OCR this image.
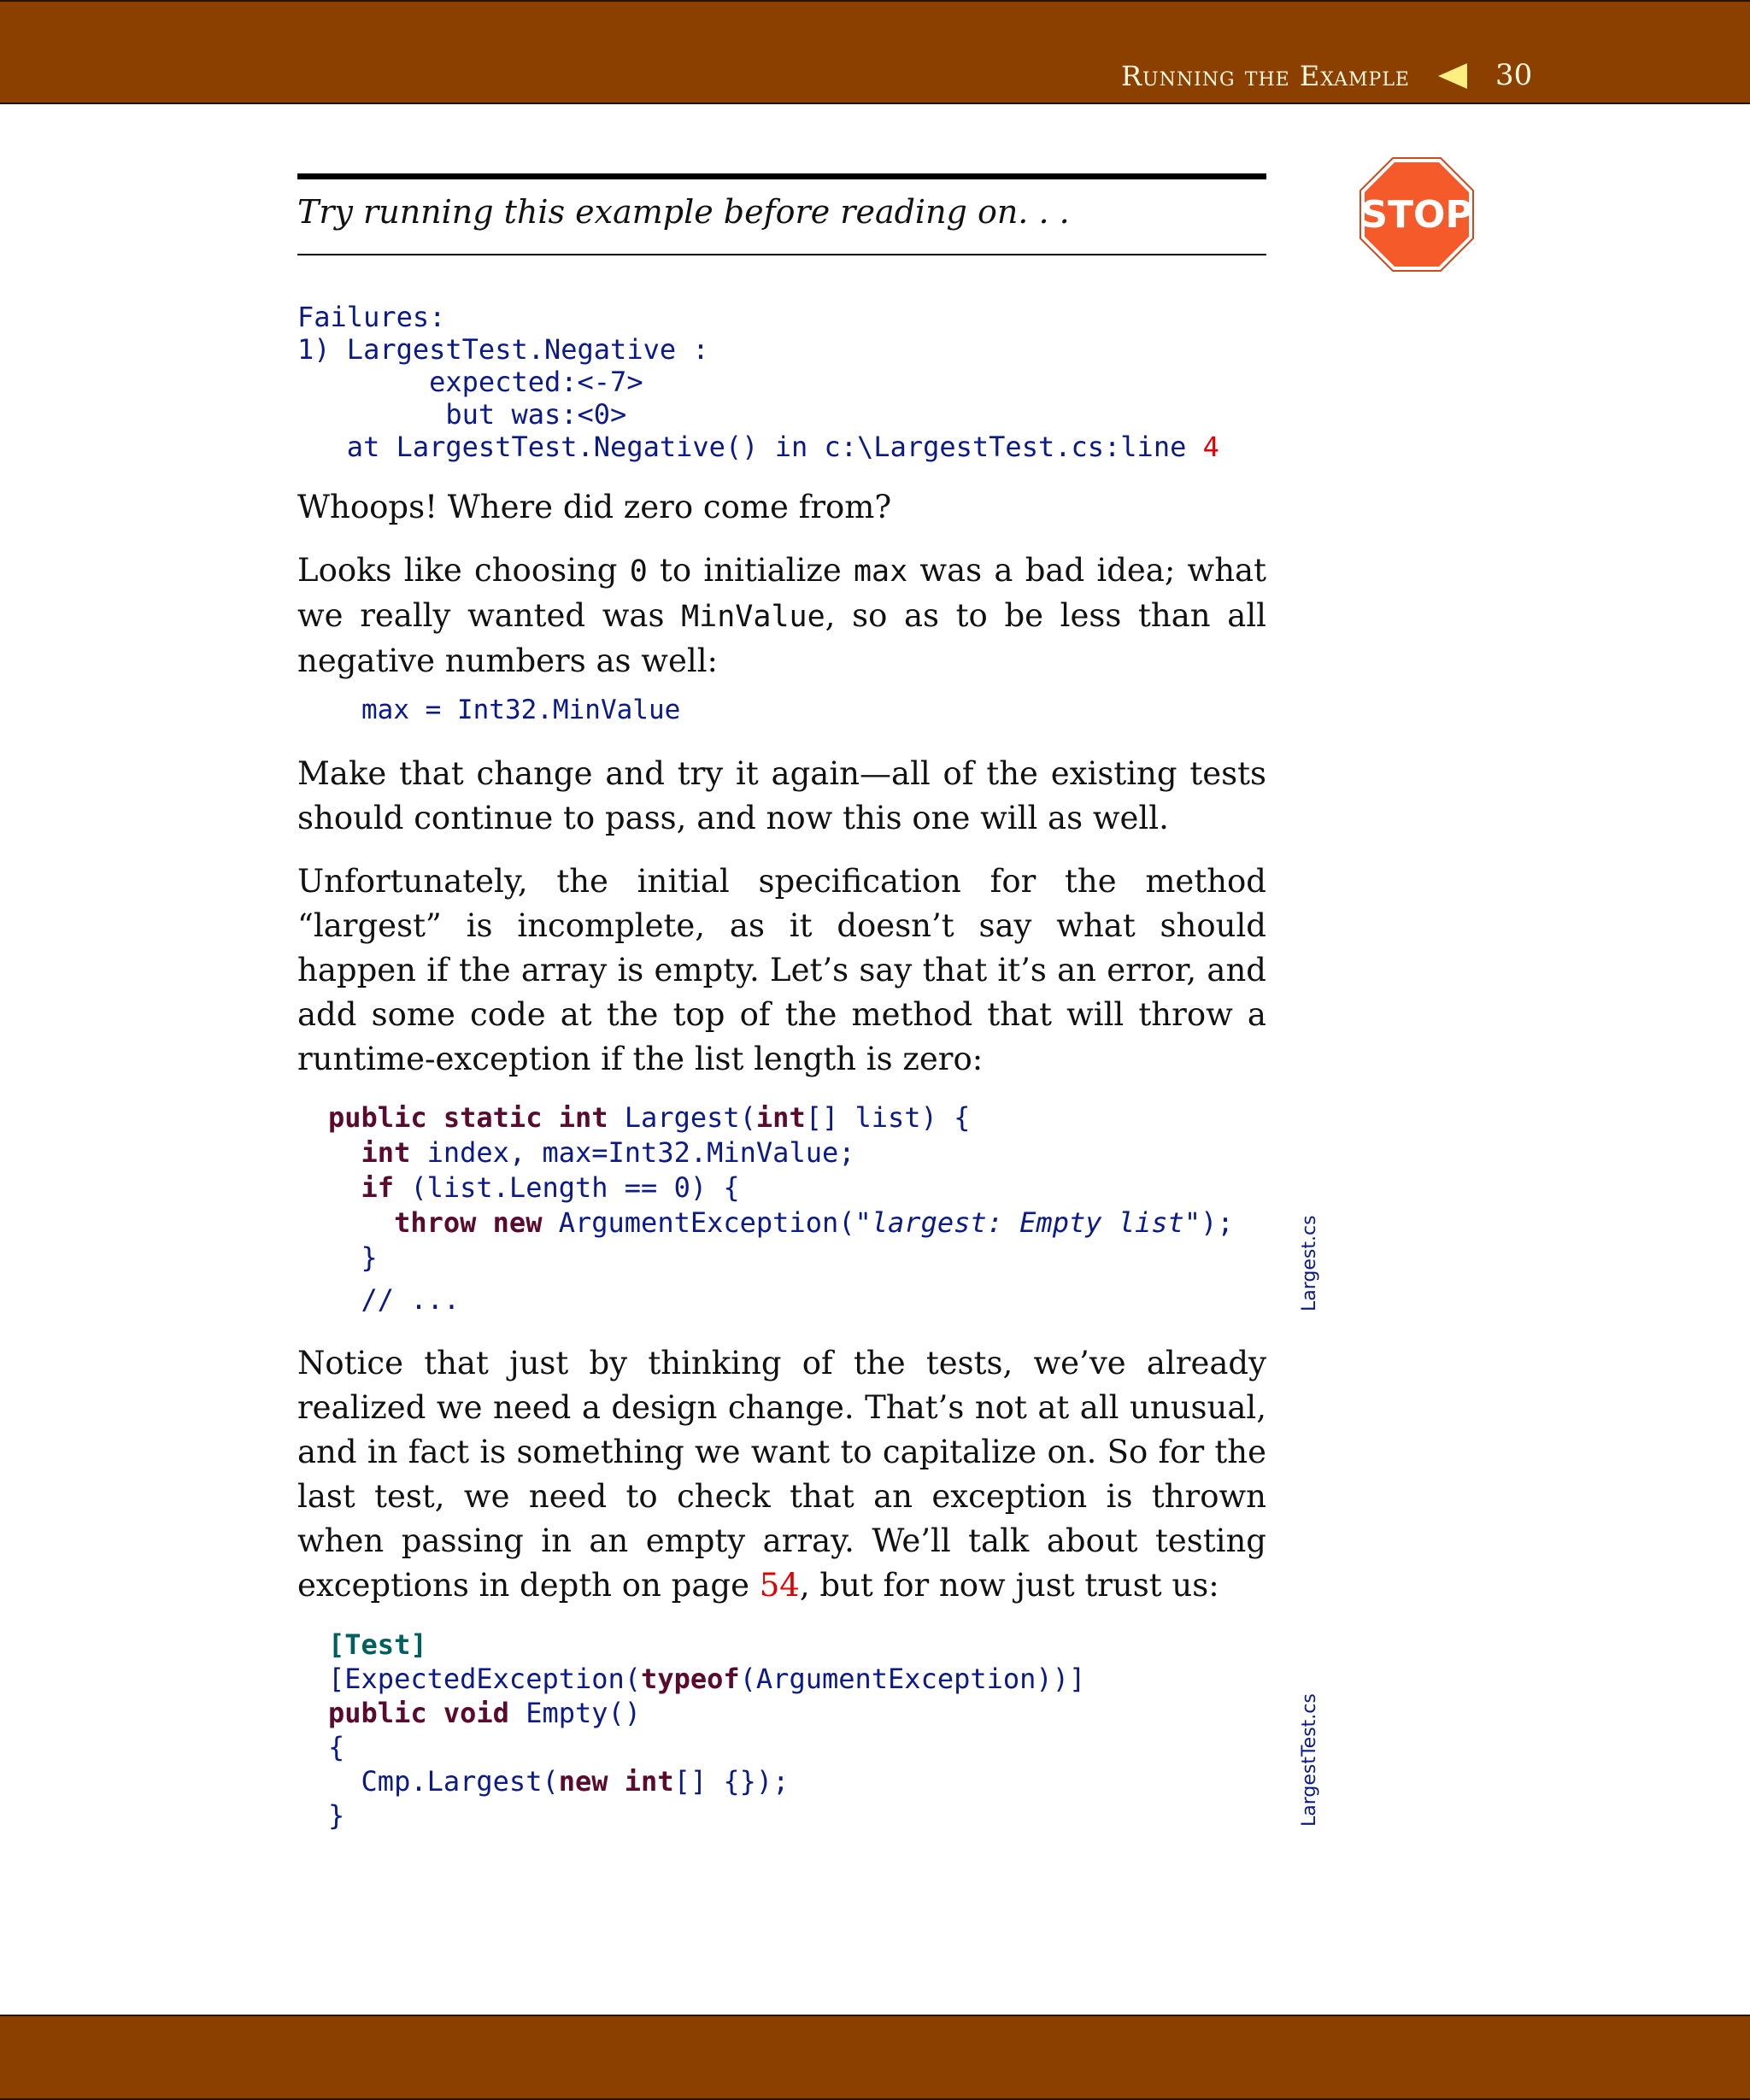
Running the Example	30
Try running this example before reading on. . .	STOP
Failures:
1) LargestTest.Negative :
expected:<-7>
but was:<0>
at LargestTest.Negative() in c:\LargestTest.cs:line 4
Whoops! Where did zero come from?
Looks like choosing 0 to initialize max was a bad idea; what we really wanted was MinValue, so as to be less than all negative numbers as well:
max = Int32.MinValue
Make that change and try it again—all of the existing tests should continue to pass, and now this one will as well.
Unfortunately, the initial specification for the method “largest” is incomplete, as it doesn’t say what should happen if the array is empty. Let’s say that it’s an error, and add some code at the top of the method that will throw a runtime-exception if the list length is zero:
public static int Largest(int[] list) {
int index, max=Int32.MinValue;
if (list.Length == 0) {
throw new ArgumentException("largest: Empty list");
}
// ...	Largest.cs
Notice that just by thinking of the tests, we’ve already realized we need a design change. That’s not at all unusual, and in fact is something we want to capitalize on. So for the last test, we need to check that an exception is thrown when passing in an empty array. We’ll talk about testing exceptions in depth on page 54, but for now just trust us:
[Test]
[ExpectedException(typeof(ArgumentException))]
public void Empty()
{
Cmp.Largest(new int[] {});
}	LargestTest.cs
